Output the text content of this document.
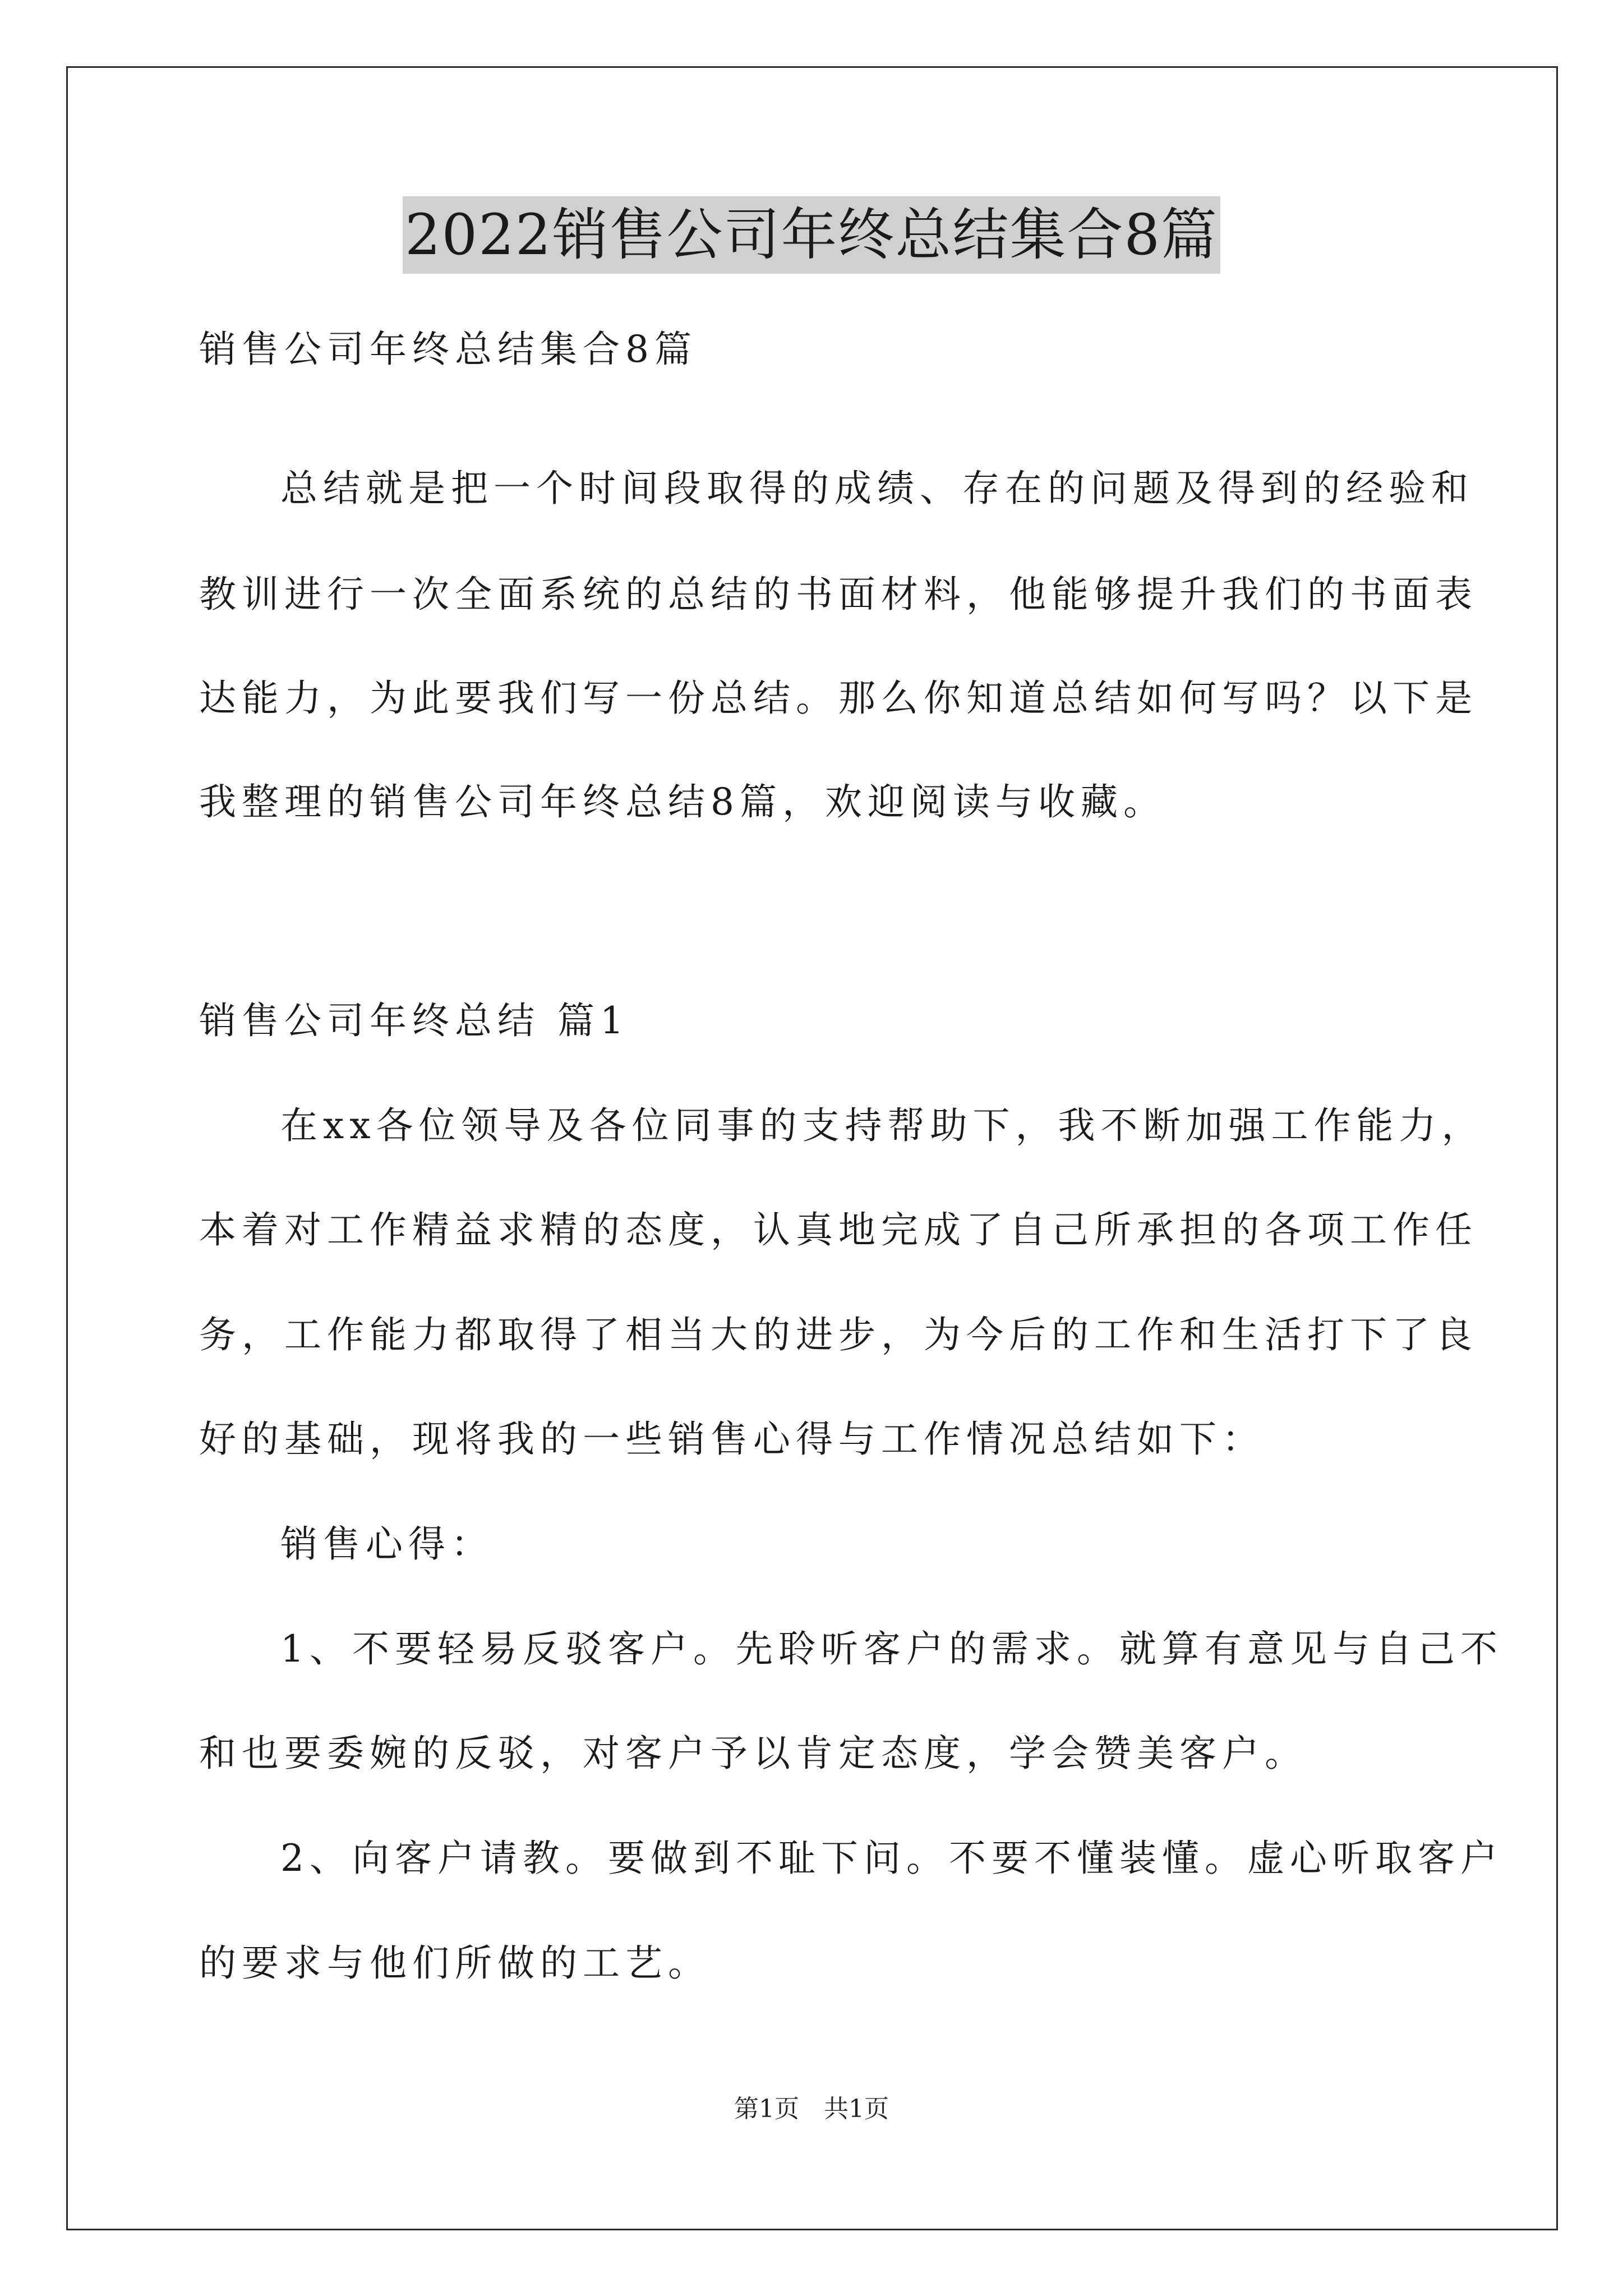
2022销售公司年终总结集合8篇
销售公司年终总结集合8篇
总结就是把一个时间段取得的成绩、存在的问题及得到的经验和
教训进行一次全面系统的总结的书面材料，他能够提升我们的书面表
达能力，为此要我们写一份总结。那么你知道总结如何写吗？以下是
我整理的销售公司年终总结8篇，欢迎阅读与收藏。
销售公司年终总结 篇1
在xx各位领导及各位同事的支持帮助下，我不断加强工作能力，
本着对工作精益求精的态度，认真地完成了自己所承担的各项工作任
务，工作能力都取得了相当大的进步，为今后的工作和生活打下了良
好的基础，现将我的一些销售心得与工作情况总结如下：
销售心得：
1、不要轻易反驳客户。先聆听客户的需求。就算有意见与自己不
和也要委婉的反驳，对客户予以肯定态度，学会赞美客户。
2、向客户请教。要做到不耻下问。不要不懂装懂。虚心听取客户
的要求与他们所做的工艺。
第1页　共1页
